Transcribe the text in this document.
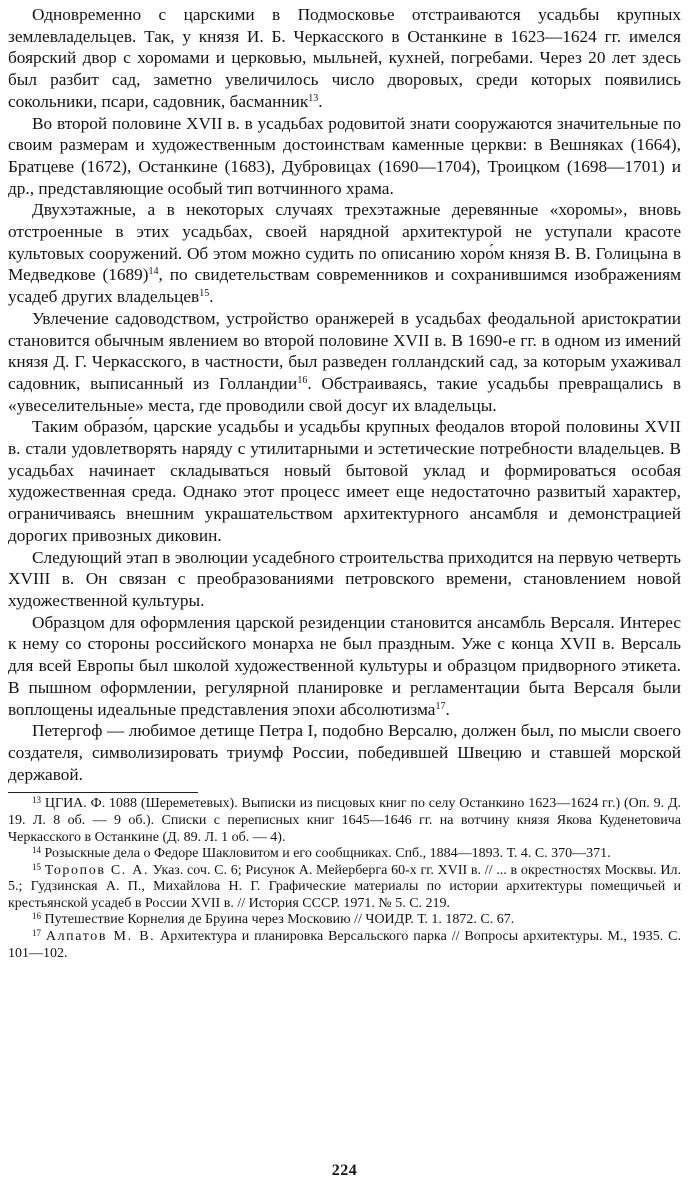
Одновременно с царскими в Подмосковье отстраиваются усадьбы крупных землевладельцев. Так, у князя И. Б. Черкасского в Останкине в 1623—1624 гг. имелся боярский двор с хоромами и церковью, мыльней, кухней, погребами. Через 20 лет здесь был разбит сад, заметно увеличилось число дворовых, среди которых появились сокольники, псари, садовник, басманник$^{13}$.

Во второй половине XVII в. в усадьбах родовитой знати сооружаются значительные по своим размерам и художественным достоинствам каменные церкви: в Вешняках (1664), Братцеве (1672), Останкине (1683), Дубровицах (1690—1704), Троицком (1698—1701) и др., представляющие особый тип вотчинного храма.

Двухэтажные, а в некоторых случаях трехэтажные деревянные «хоромы», вновь отстроенные в этих усадьбах, своей нарядной архитектурой не уступали красоте культовых сооружений. Об этом можно судить по описанию хоро́м князя В. В. Голицына в Медведкове $(1689)^{14}$, по свидетельствам современников и сохранившимся изображениям усадеб других владельцев$^{15}$.

Увлечение садоводством, устройство оранжерей в усадьбах феодальной аристократии становится обычным явлением во второй половине XVII в. В 1690-е гг. в одном из имений князя Д. Г. Черкасского, в частности, был разведен голландский сад, за которым ухаживал садовник, выписанный из Голландии$^{16}$. Обстраиваясь, такие усадьбы превращались в «увеселительные» места, где проводили свой досуг их владельцы.

Таким образо́м, царские усадьбы и усадьбы крупных феодалов второй половины XVII в. стали удовлетворять наряду с утилитарными и эстетические потребности владельцев. В усадьбах начинает складываться новый бытовой уклад и формироваться особая художественная среда. Однако этот процесс имеет еще недостаточно развитый характер, ограничиваясь внешним украшательством архитектурного ансамбля и демонстрацией дорогих привозных диковин.

Следующий этап в эволюции усадебного строительства приходится на первую четверть XVIII в. Он связан с преобразованиями петровского времени, становлением новой художественной культуры.

Образцом для оформления царской резиденции становится ансамбль Версаля. Интерес к нему со стороны российского монарха не был праздным. Уже с конца XVII в. Версаль для всей Европы был школой художественной культуры и образцом придворного этикета. В пышном оформлении, регулярной планировке и регламентации быта Версаля были воплощены идеальные представления эпохи абсолютизма$^{17}$.

Петергоф — любимое детище Петра I, подобно Версалю, должен был, по мысли своего создателя, символизировать триумф России, победившей Швецию и ставшей морской державой.

$^{13}$ ЦГИА. Ф. 1088 (Шереметевых). Выписки из писцовых книг по селу Останкино 1623—1624 гг.) (Оп. 9. Д. 19. Л. 8 об. — 9 об.). Списки с переписных книг 1645—1646 гг. на вотчину князя Якова Куденетовича Черкасского в Останкине (Д. 89. Л. 1 об. — 4).

$^{14}$ Розыскные дела о Федоре Шакловитом и его сообщниках. Спб., 1884—1893. Т. 4. С. 370—371.

$^{15}$ Торопов С. А. Указ. соч. С. 6; Рисунок А. Мейерберга 60-х гг. XVII в. // ... в окрестностях Москвы. Ил. 5.; Гудзинская А. П., Михайлова Н. Г. Графические материалы по истории архитектуры помещичьей и крестьянской усадеб в России XVII в. // История СССР. 1971. № 5. С. 219.

$^{16}$ Путешествие Корнелия де Бруина через Московию // ЧОИДР. Т. 1. 1872. С. 67.

$^{17}$ Алпатов М. В. Архитектура и планировка Версальского парка // Вопросы архитектуры. М., 1935. С. 101—102.

224
